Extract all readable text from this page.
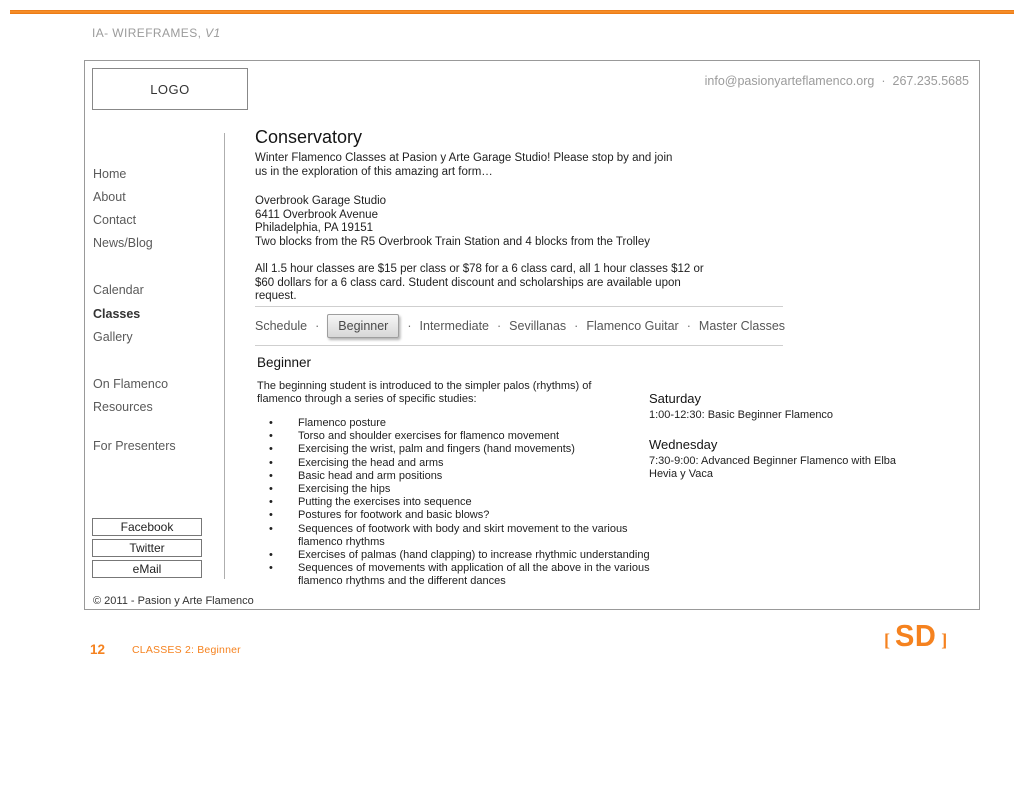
IA- WIREFRAMES, V1
LOGO
info@pasionyarteflamenco.org · 267.235.5685
Home
About
Contact
News/Blog
Calendar
Classes
Gallery
On Flamenco
Resources
For Presenters
Facebook
Twitter
eMail
© 2011 - Pasion y Arte Flamenco
Conservatory
Winter Flamenco Classes at Pasion y Arte Garage Studio! Please stop by and join us in the exploration of this amazing art form…
Overbrook Garage Studio
6411 Overbrook Avenue
Philadelphia, PA 19151
Two blocks from the R5 Overbrook Train Station and 4 blocks from the Trolley
All 1.5 hour classes are $15 per class or $78 for a 6 class card, all 1 hour classes $12 or $60 dollars for a 6 class card. Student discount and scholarships are available upon request.
Schedule ·	Beginner	· Intermediate · Sevillanas · Flamenco Guitar · Master Classes
Beginner
The beginning student is introduced to the simpler palos (rhythms) of flamenco through a series of specific studies:
•	Flamenco posture
•	Torso and shoulder exercises for flamenco movement
•	Exercising the wrist, palm and fingers (hand movements)
•	Exercising the head and arms
•	Basic head and arm positions
•	Exercising the hips
•	Putting the exercises into sequence
•	Postures for footwork and basic blows?
•	Sequences of footwork with body and skirt movement to the various flamenco rhythms
•	Exercises of palmas (hand clapping) to increase rhythmic understanding
•	Sequences of movements with application of all the above in the various flamenco rhythms and the different dances
Saturday
1:00-12:30: Basic Beginner Flamenco
Wednesday
7:30-9:00: Advanced Beginner Flamenco with Elba Hevia y Vaca
12	CLASSES 2: Beginner	[ SD ]
